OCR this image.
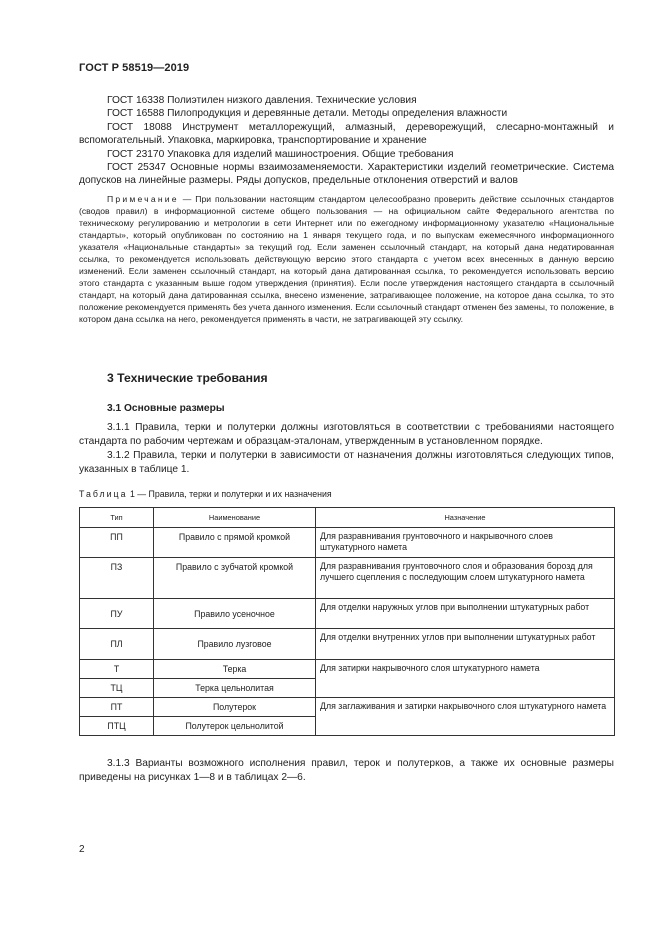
ГОСТ Р 58519—2019

ГОСТ 16338 Полиэтилен низкого давления. Технические условия

ГОСТ 16588 Пилопродукция и деревянные детали. Методы определения влажности

ГОСТ 18088 Инструмент металлорежущий, алмазный, дереворежущий, слесарно-монтажный и вспомогательный. Упаковка, маркировка, транспортирование и хранение

ГОСТ 23170 Упаковка для изделий машиностроения. Общие требования

ГОСТ 25347 Основные нормы взаимозаменяемости. Характеристики изделий геометрические. Система допусков на линейные размеры. Ряды допусков, предельные отклонения отверстий и валов

Примечание — При пользовании настоящим стандартом целесообразно проверить действие ссылочных стандартов (сводов правил) в информационной системе общего пользования — на официальном сайте Федерального агентства по техническому регулированию и метрологии в сети Интернет или по ежегодному информационному указателю «Национальные стандарты», который опубликован по состоянию на 1 января текущего года, и по выпускам ежемесячного информационного указателя «Национальные стандарты» за текущий год. Если заменен ссылочный стандарт, на который дана недатированная ссылка, то рекомендуется использовать действующую версию этого стандарта с учетом всех внесенных в данную версию изменений. Если заменен ссылочный стандарт, на который дана датированная ссылка, то рекомендуется использовать версию этого стандарта с указанным выше годом утверждения (принятия). Если после утверждения настоящего стандарта в ссылочный стандарт, на который дана датированная ссылка, внесено изменение, затрагивающее положение, на которое дана ссылка, то это положение рекомендуется применять без учета данного изменения. Если ссылочный стандарт отменен без замены, то положение, в котором дана ссылка на него, рекомендуется применять в части, не затрагивающей эту ссылку.

3 Технические требования
3.1 Основные размеры

3.1.1 Правила, терки и полутерки должны изготовляться в соответствии с требованиями настоящего стандарта по рабочим чертежам и образцам-эталонам, утвержденным в установленном порядке.

3.1.2 Правила, терки и полутерки в зависимости от назначения должны изготовляться следующих типов, указанных в таблице 1.

Таблица 1 — Правила, терки и полутерки и их назначения
Тип	Наименование	Назначение
ПП	Правило с прямой кромкой	Для разравнивания грунтовочного и накрывочного слоев штукатурного намета
ПЗ	Правило с зубчатой кромкой	Для разравнивания грунтовочного слоя и образования борозд для лучшего сцепления с последующим слоем штукатурного намета
ПУ	Правило усеночное	Для отделки наружных углов при выполнении штукатурных работ
ПЛ	Правило лузговое	Для отделки внутренних углов при выполнении штукатурных работ
Т	Терка	Для затирки накрывочного слоя штукатурного намета
ТЦ	Терка цельнолитая	
ПТ	Полутерок	Для заглаживания и затирки накрывочного слоя штукатурного намета
ПТЦ	Полутерок цельнолитой	

3.1.3 Варианты возможного исполнения правил, терок и полутерков, а также их основные размеры приведены на рисунках 1—8 и в таблицах 2—6.

2
